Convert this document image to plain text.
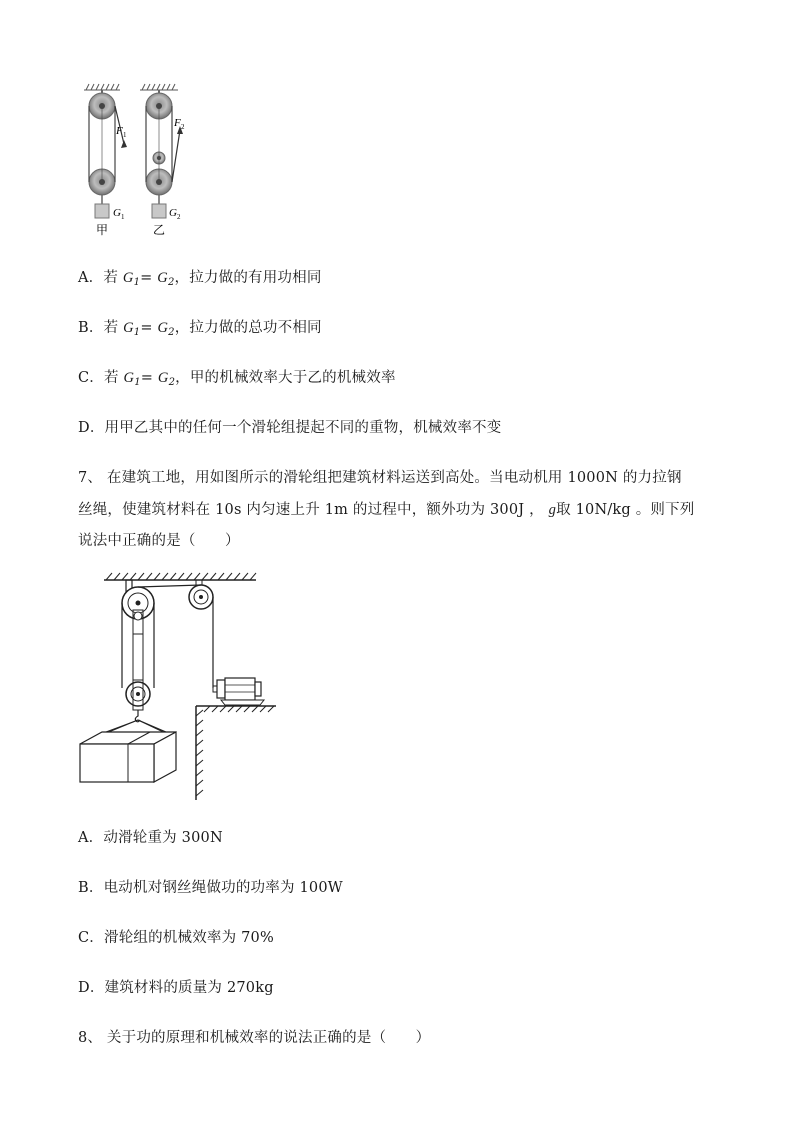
F 1
G 1
甲
F 2
G 2
乙
A．若 $G_1= G_2$，拉力做的有用功相同
B．若 $G_1= G_2$，拉力做的总功不相同
C．若 $G_1= G_2$，甲的机械效率大于乙的机械效率
D．用甲乙其中的任何一个滑轮组提起不同的重物，机械效率不变
7、 在建筑工地，用如图所示的滑轮组把建筑材料运送到高处。当电动机用 1000N 的力拉钢
丝绳，使建筑材料在 10s 内匀速上升 1m 的过程中，额外功为 300J ， g取 10N/kg 。则下列
说法中正确的是（　　）
A．动滑轮重为 300N
B．电动机对钢丝绳做功的功率为 100W
C．滑轮组的机械效率为 70%
D．建筑材料的质量为 270kg
8、 关于功的原理和机械效率的说法正确的是（　　）
